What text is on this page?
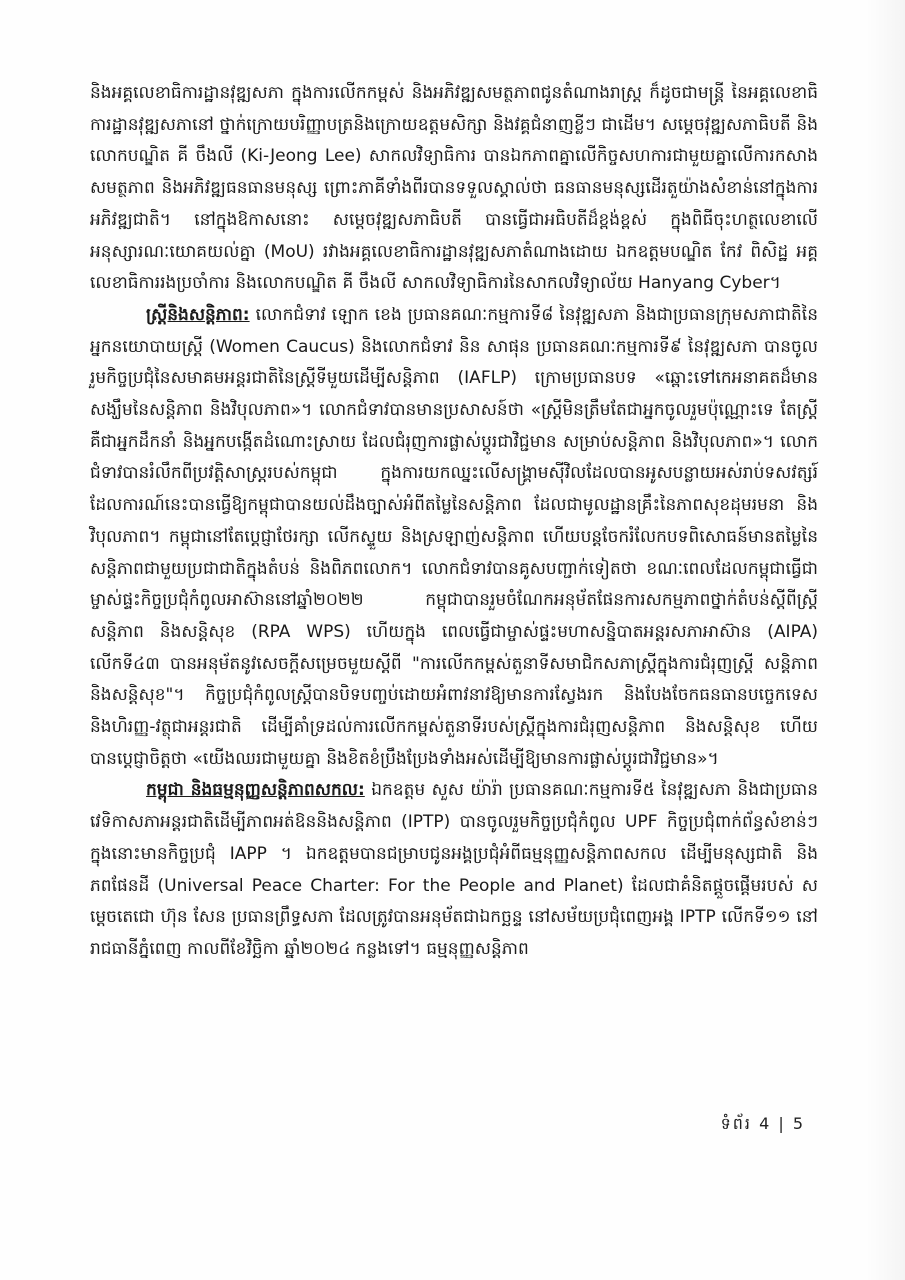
និងអគ្គលេខាធិការដ្ឋានវុឌ្ឍសភា ក្នុងការលើកកម្ពស់ និងអភិវឌ្ឍសមត្ថភាពជូនតំណាងរាស្ត្រ ក៏ដូចជាមន្ត្រី នៃអគ្គលេខាធិការដ្ឋានវុឌ្ឍសភានៅ ថ្នាក់ក្រោយបរិញ្ញាបត្រនិងក្រោយឧត្តមសិក្សា និងវគ្គជំនាញខ្លីៗ ជាដើម។ សម្តេចវុឌ្ឍសភាធិបតី និងលោកបណ្ឌិត គី ចឹងលី (Ki-Jeong Lee) សាកលវិទ្យាធិការ បានឯកភាពគ្នាលើកិច្ចសហការជាមួយគ្នាលើការកសាងសមត្ថភាព និងអភិវឌ្ឍធនធានមនុស្ស ព្រោះភាគីទាំងពីរបានទទួលស្គាល់ថា ធនធានមនុស្សដើរតួយ៉ាងសំខាន់នៅក្នុងការអភិវឌ្ឍជាតិ។ នៅក្នុងឱកាសនោះ សម្តេចវុឌ្ឍសភាធិបតី បានធ្វើជាអធិបតីដ៏ខ្ពង់ខ្ពស់ ក្នុងពិធីចុះហត្ថលេខាលើអនុស្សារណៈយោគយល់គ្នា (MoU) រវាងអគ្គលេខាធិការដ្ឋានវុឌ្ឍសភាតំណាងដោយ ឯកឧត្តមបណ្ឌិត កែវ ពិសិដ្ឋ អគ្គលេខាធិការរងប្រចាំការ និងលោកបណ្ឌិត គី ចឹងលី សាកលវិទ្យាធិការនៃសាកលវិទ្យាល័យ Hanyang Cyber។

ស្ត្រីនិងសន្តិភាព: លោកជំទាវ ឡោក ខេង ប្រធានគណៈកម្មការទី៨ នៃវុឌ្ឍសភា និងជាប្រធានក្រុមសភាជាតិនៃអ្នកនយោបាយស្ត្រី (Women Caucus) និងលោកជំទាវ និន សាផុន ប្រធានគណៈកម្មការទី៩ នៃវុឌ្ឍសភា បានចូលរួមកិច្ចប្រជុំនៃសមាគមអន្តរជាតិនៃស្ត្រីទីមួយដើម្បីសន្តិភាព (IAFLP) ក្រោមប្រធានបទ «ឆ្ពោះទៅកេអនាគតដ៏មានសង្ឃឹមនៃសន្តិភាព និងវិបុលភាព»។ លោកជំទាវបានមានប្រសាសន៍ថា «ស្ត្រីមិនត្រឹមតែជាអ្នកចូលរួមប៉ុណ្ណោះទេ តែស្ត្រីគឺជាអ្នកដឹកនាំ និងអ្នកបង្កើតដំណោះស្រាយ ដែលជំរុញការផ្លាស់ប្តូរជាវិជ្ជមាន សម្រាប់សន្តិភាព និងវិបុលភាព»។ លោកជំទាវបានរំលឹកពីប្រវត្តិសាស្ត្ររបស់កម្ពុជា ក្នុងការយកឈ្នះលើសង្គ្រាមស៊ីវិលដែលបានអូសបន្លាយអស់រាប់ទសវត្សរ៍ ដែលការណ៍នេះបានធ្វើឱ្យកម្ពុជាបានយល់ដឹងច្បាស់អំពីតម្លៃនៃសន្តិភាព ដែលជាមូលដ្ឋានគ្រឹះនៃភាពសុខដុមរមនា និងវិបុលភាព។ កម្ពុជានៅតែប្តេជ្ញាថែរក្សា លើកស្ទួយ និងស្រឡាញ់សន្តិភាព ហើយបន្តចែករំលែកបទពិសោធន៍មានតម្លៃនៃសន្តិភាពជាមួយប្រជាជាតិក្នុងតំបន់ និងពិភពលោក។ លោកជំទាវបានគូសបញ្ជាក់ទៀតថា ខណៈពេលដែលកម្ពុជាធ្វើជាម្ចាស់ផ្ទះកិច្ចប្រជុំកំពូលអាស៊ាននៅឆ្នាំ២០២២ កម្ពុជាបានរួមចំណែកអនុម័តផែនការសកម្មភាពថ្នាក់តំបន់ស្តីពីស្ត្រី សន្តិភាព និងសន្តិសុខ (RPA WPS) ហើយក្នុង ពេលធ្វើជាម្ចាស់ផ្ទះមហាសន្និបាតអន្តរសភាអាស៊ាន (AIPA) លើកទី៤៣ បានអនុម័តនូវសេចក្តីសម្រេចមួយស្តីពី "ការលើកកម្ពស់តួនាទីសមាជិកសភាស្ត្រីក្នុងការជំរុញស្ត្រី សន្តិភាព និងសន្តិសុខ"។ កិច្ចប្រជុំកំពូលស្ត្រីបានបិទបញ្ចប់ដោយអំពាវនាវឱ្យមានការស្វែងរក និងបែងចែកធនធានបច្ចេកទេស និងហិរញ្ញ-វត្ថុជាអន្តរជាតិ ដើម្បីគាំទ្រដល់ការលើកកម្ពស់តួនាទីរបស់ស្ត្រីក្នុងការជំរុញសន្តិភាព និងសន្តិសុខ ហើយបានប្តេជ្ញាចិត្តថា «យើងឈរជាមួយគ្នា និងខិតខំប្រឹងប្រែងទាំងអស់ដើម្បីឱ្យមានការផ្លាស់ប្តូរជាវិជ្ជមាន»។

កម្ពុជា និងធម្មនុញ្ញសន្តិភាពសកល: ឯកឧត្តម សួស យ៉ារ៉ា ប្រធានគណៈកម្មការទី៥ នៃវុឌ្ឍសភា និងជាប្រធានវេទិកាសភាអន្តរជាតិដើម្បីភាពអត់ឱននិងសន្តិភាព (IPTP) បានចូលរួមកិច្ចប្រជុំកំពូល UPF កិច្ចប្រជុំពាក់ព័ន្ធសំខាន់ៗ ក្នុងនោះមានកិច្ចប្រជុំ IAPP ។ ឯកឧត្តមបានជម្រាបជូនអង្គប្រជុំអំពីធម្មនុញ្ញសន្តិភាពសកល ដើម្បីមនុស្សជាតិ និងភពផែនដី (Universal Peace Charter: For the People and Planet) ដែលជាគំនិតផ្តួចផ្តើមរបស់ សម្តេចតេជោ ហ៊ុន សែន ប្រធានព្រឹទ្ធសភា ដែលត្រូវបានអនុម័តជាឯកច្ឆន្ទ នៅសម័យប្រជុំពេញអង្គ IPTP លើកទី១១ នៅរាជធានីភ្នំពេញ កាលពីខែវិច្ឆិកា ឆ្នាំ២០២៤ កន្លងទៅ។ ធម្មនុញ្ញសន្តិភាព

ទំព័រ 4 | 5
